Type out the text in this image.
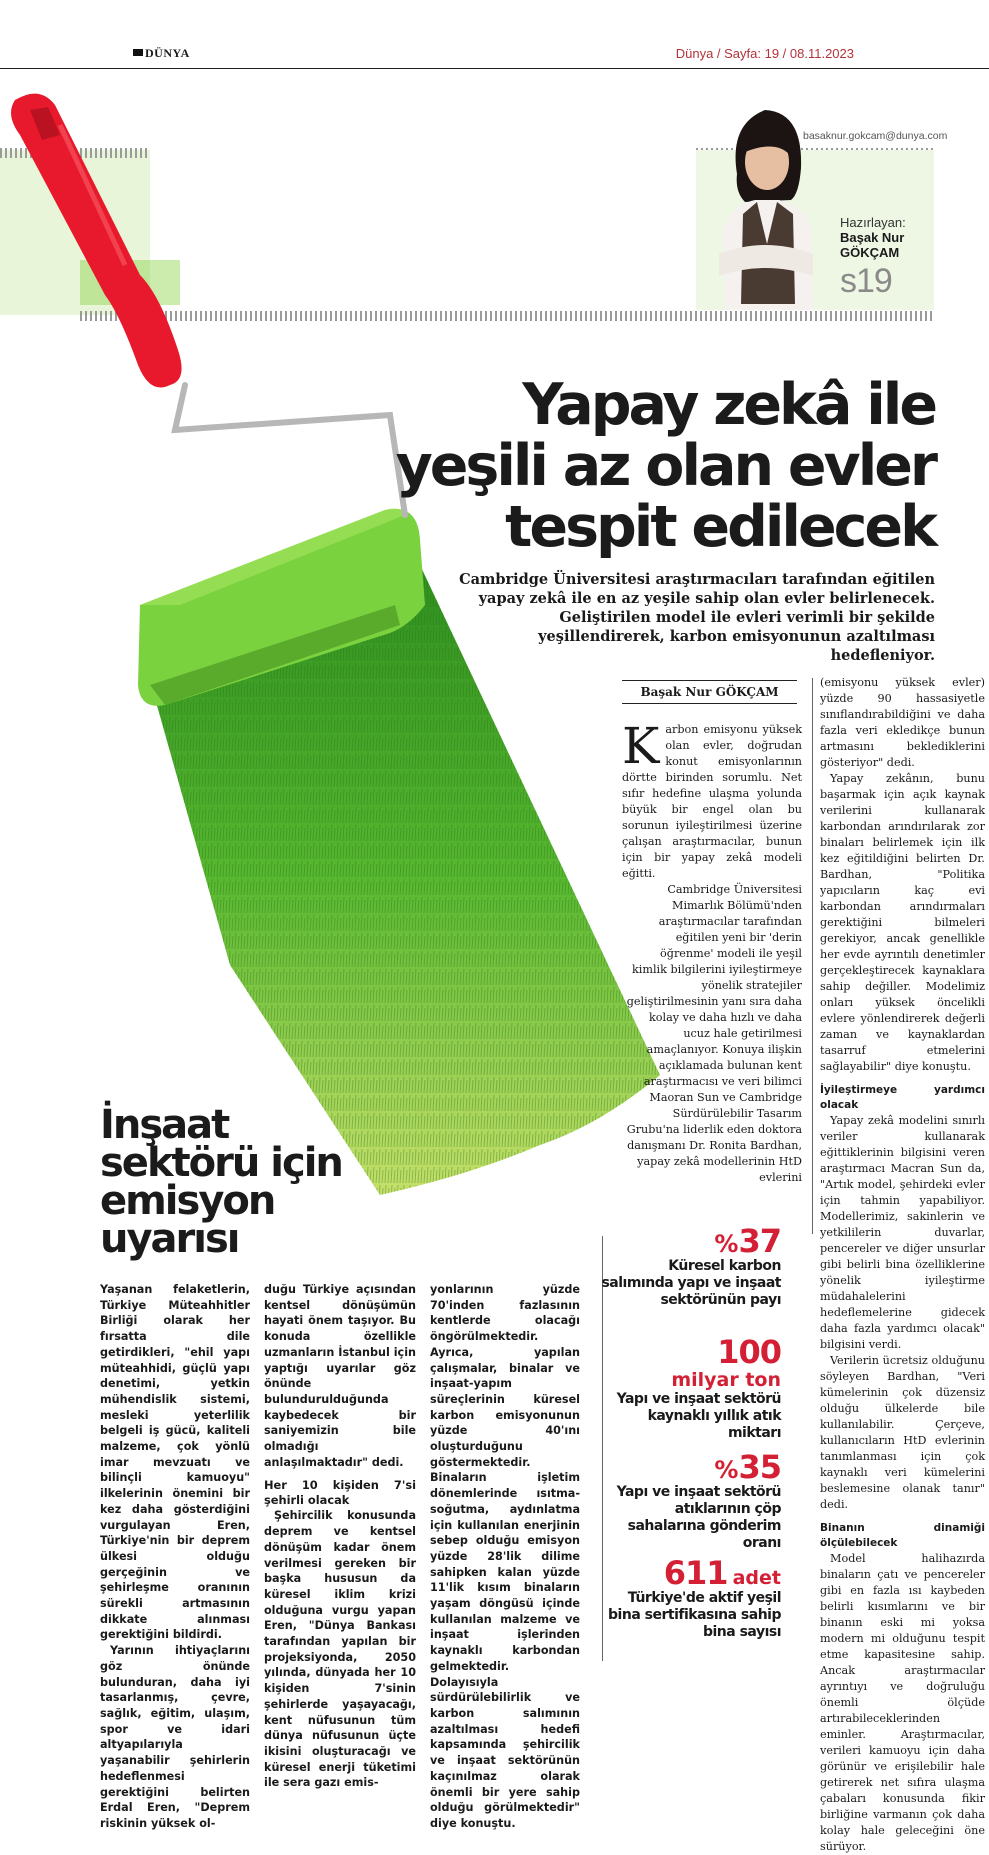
DÜNYA	Dünya / Sayfa: 19 / 08.11.2023
basaknur.gokcam@dunya.com
Hazırlayan:
Başak Nur
GÖKÇAM
s19
Yapay zekâ ile
yeşili az olan evler
tespit edilecek
Cambridge Üniversitesi araştırmacıları tarafından eğitilen yapay zekâ ile en az yeşile sahip olan evler belirlenecek. Geliştirilen model ile evleri verimli bir şekilde yeşillendirerek, karbon emisyonunun azaltılması hedefleniyor.
Başak Nur GÖKÇAM

Karbon emisyonu yüksek olan evler, doğrudan konut emisyonlarının dörtte birinden sorumlu. Net sıfır hedefine ulaşma yolunda büyük bir engel olan bu sorunun iyileştirilmesi üzerine çalışan araştırmacılar, bunun için bir yapay zekâ modeli eğitti.

Cambridge Üniversitesi Mimarlık Bölümü'nden araştırmacılar tarafından eğitilen yeni bir 'derin öğrenme' modeli ile yeşil kimlik bilgilerini iyileştirmeye yönelik stratejiler geliştirilmesinin yanı sıra daha kolay ve daha hızlı ve daha ucuz hale getirilmesi amaçlanıyor. Konuya ilişkin açıklamada bulunan kent araştırmacısı ve veri bilimci Maoran Sun ve Cambridge Sürdürülebilir Tasarım Grubu'na liderlik eden doktora danışmanı Dr. Ronita Bardhan, yapay zekâ modellerinin HtD evlerini

(emisyonu yüksek evler) yüzde 90 hassasiyetle sınıflandırabildiğini ve daha fazla veri ekledikçe bunun artmasını beklediklerini gösteriyor" dedi.

Yapay zekânın, bunu başarmak için açık kaynak verilerini kullanarak karbondan arındırılarak zor binaları belirlemek için ilk kez eğitildiğini belirten Dr. Bardhan, "Politika yapıcıların kaç evi karbondan arındırmaları gerektiğini bilmeleri gerekiyor, ancak genellikle her evde ayrıntılı denetimler gerçekleştirecek kaynaklara sahip değiller. Modelimiz onları yüksek öncelikli evlere yönlendirerek değerli zaman ve kaynaklardan tasarruf etmelerini sağlayabilir" diye konuştu.

İyileştirmeye yardımcı olacak

Yapay zekâ modelini sınırlı veriler kullanarak eğittiklerinin bilgisini veren araştırmacı Macran Sun da, "Artık model, şehirdeki evler için tahmin yapabiliyor. Modellerimiz, sakinlerin ve yetkililerin duvarlar, pencereler ve diğer unsurlar gibi belirli bina özelliklerine yönelik iyileştirme müdahalelerini hedeflemelerine gidecek daha fazla yardımcı olacak" bilgisini verdi.

Verilerin ücretsiz olduğunu söyleyen Bardhan, "Veri kümelerinin çok düzensiz olduğu ülkelerde bile kullanılabilir. Çerçeve, kullanıcıların HtD evlerinin tanımlanması için çok kaynaklı veri kümelerini beslemesine olanak tanır" dedi.

Binanın dinamiği ölçülebilecek

Model halihazırda binaların çatı ve pencereler gibi en fazla ısı kaybeden belirli kısımlarını ve bir binanın eski mi yoksa modern mi olduğunu tespit etme kapasitesine sahip. Ancak araştırmacılar ayrıntıyı ve doğruluğu önemli ölçüde artırabileceklerinden eminler. Araştırmacılar, verileri kamuoyu için daha görünür ve erişilebilir hale getirerek net sıfıra ulaşma çabaları konusunda fikir birliğine varmanın çok daha kolay hale geleceğini öne sürüyor.

İnşaat
sektörü için
emisyon
uyarısı

Yaşanan felaketlerin, Türkiye Müteahhitler Birliği olarak her fırsatta dile getirdikleri, "ehil yapı müteahhidi, güçlü yapı denetimi, yetkin mühendislik sistemi, mesleki yeterlilik belgeli iş gücü, kaliteli malzeme, çok yönlü imar mevzuatı ve bilinçli kamuoyu" ilkelerinin önemini bir kez daha gösterdiğini vurgulayan Eren, Türkiye'nin bir deprem ülkesi olduğu gerçeğinin ve şehirleşme oranının sürekli artmasının dikkate alınması gerektiğini bildirdi.

Yarının ihtiyaçlarını göz önünde bulunduran, daha iyi tasarlanmış, çevre, sağlık, eğitim, ulaşım, spor ve idari altyapılarıyla yaşanabilir şehirlerin hedeflenmesi gerektiğini belirten Erdal Eren, "Deprem riskinin yüksek ol-

duğu Türkiye açısından kentsel dönüşümün hayati önem taşıyor. Bu konuda özellikle uzmanların İstanbul için yaptığı uyarılar göz önünde bulundurulduğunda kaybedecek bir saniyemizin bile olmadığı anlaşılmaktadır" dedi.

Her 10 kişiden 7'si şehirli olacak

Şehircilik konusunda deprem ve kentsel dönüşüm kadar önem verilmesi gereken bir başka hususun da küresel iklim krizi olduğuna vurgu yapan Eren, "Dünya Bankası tarafından yapılan bir projeksiyonda, 2050 yılında, dünyada her 10 kişiden 7'sinin şehirlerde yaşayacağı, kent nüfusunun tüm dünya nüfusunun üçte ikisini oluşturacağı ve küresel enerji tüketimi ile sera gazı emis-

yonlarının yüzde 70'inden fazlasının kentlerde olacağı öngörülmektedir. Ayrıca, yapılan çalışmalar, binalar ve inşaat-yapım süreçlerinin küresel karbon emisyonunun yüzde 40'ını oluşturduğunu göstermektedir. Binaların işletim dönemlerinde ısıtma-soğutma, aydınlatma için kullanılan enerjinin sebep olduğu emisyon yüzde 28'lik dilime sahipken kalan yüzde 11'lik kısım binaların yaşam döngüsü içinde kullanılan malzeme ve inşaat işlerinden kaynaklı karbondan gelmektedir. Dolayısıyla sürdürülebilirlik ve karbon salımının azaltılması hedefi kapsamında şehircilik ve inşaat sektörünün kaçınılmaz olarak önemli bir yere sahip olduğu görülmektedir" diye konuştu.

%37
Küresel karbon salımında yapı ve inşaat sektörünün payı
100
milyar ton
Yapı ve inşaat sektörü kaynaklı yıllık atık miktarı
%35
Yapı ve inşaat sektörü atıklarının çöp sahalarına gönderim oranı
611 adet
Türkiye'de aktif yeşil bina sertifikasına sahip bina sayısı
